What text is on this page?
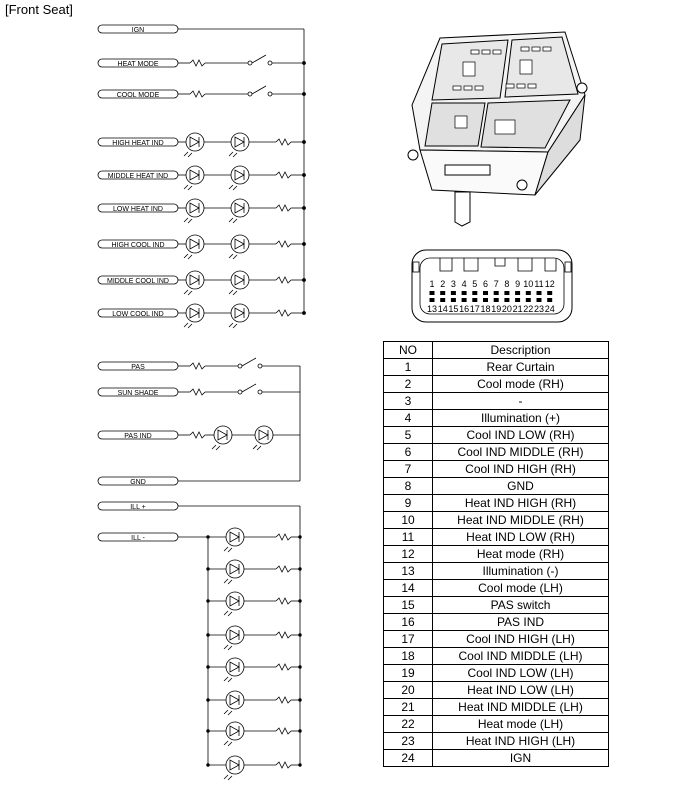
[Front Seat]
IGN
HEAT MODE
COOL MODE
HIGH HEAT IND
MIDDLE HEAT IND
LOW HEAT IND
HIGH COOL IND
MIDDLE COOL IND
LOW COOL IND
PAS
SUN SHADE
PAS IND
GND
ILL +
ILL -
1 2 3 4 5 6 7 8 9 10 11 12
13 14 15 16 17 18 19 20 21 22 23 24
NO	Description
1	Rear Curtain
2	Cool mode (RH)
3	-
4	Illumination (+)
5	Cool IND LOW (RH)
6	Cool IND MIDDLE (RH)
7	Cool IND HIGH (RH)
8	GND
9	Heat IND HIGH (RH)
10	Heat IND MIDDLE (RH)
11	Heat IND LOW (RH)
12	Heat mode (RH)
13	Illumination (-)
14	Cool mode (LH)
15	PAS switch
16	PAS IND
17	Cool IND HIGH (LH)
18	Cool IND MIDDLE (LH)
19	Cool IND LOW (LH)
20	Heat IND LOW (LH)
21	Heat IND MIDDLE (LH)
22	Heat mode (LH)
23	Heat IND HIGH (LH)
24	IGN
